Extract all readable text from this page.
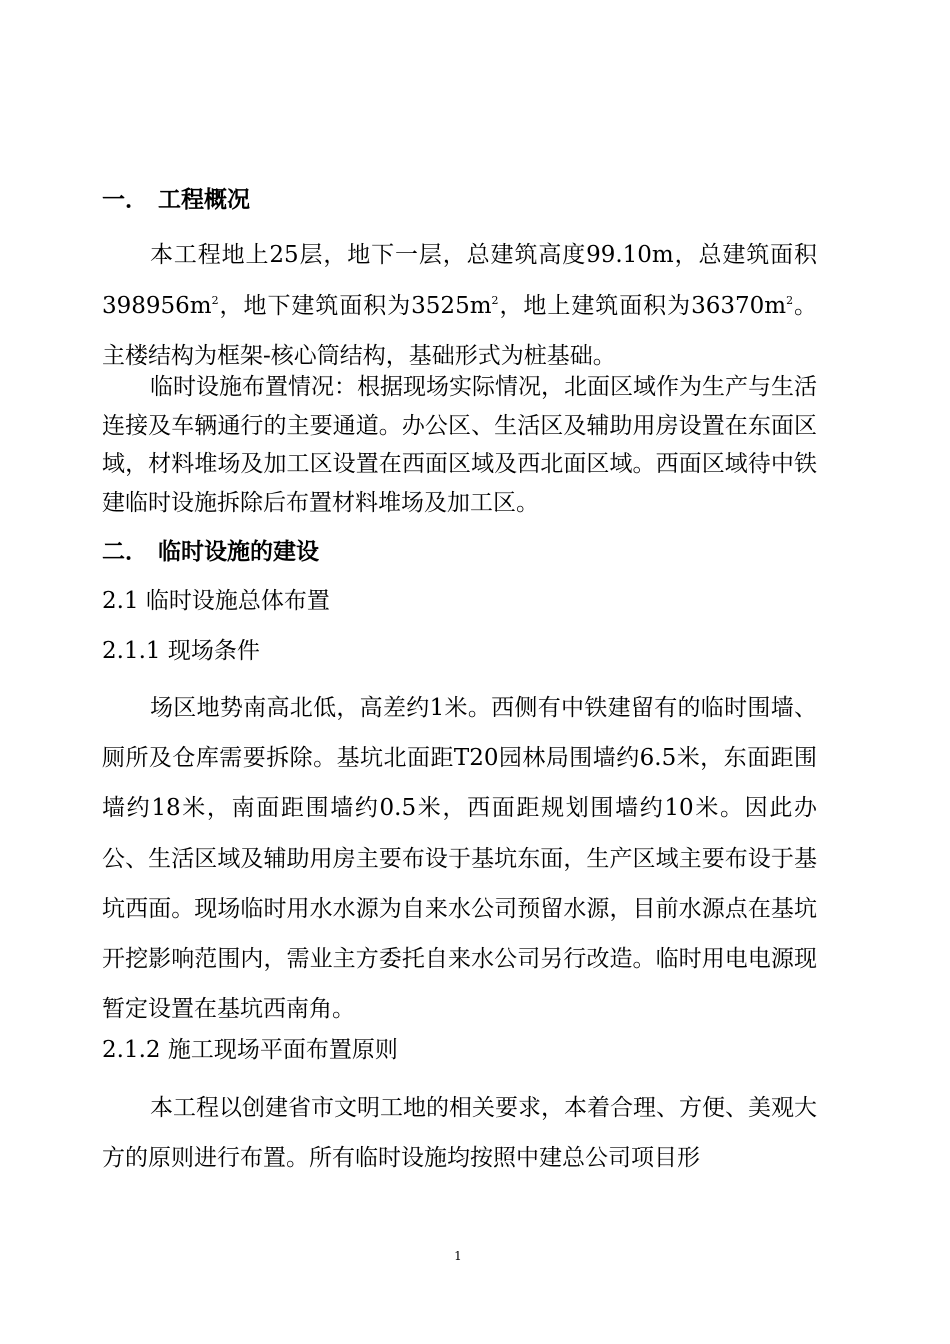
一． 工程概况
本工程地上25层，地下一层，总建筑高度99.10m，总建筑面积$398956m^2$，地下建筑面积为$3525m^2$，地上建筑面积为$36370m^2$。主楼结构为框架-核心筒结构，基础形式为桩基础。
临时设施布置情况：根据现场实际情况，北面区域作为生产与生活连接及车辆通行的主要通道。办公区、生活区及辅助用房设置在东面区域，材料堆场及加工区设置在西面区域及西北面区域。西面区域待中铁建临时设施拆除后布置材料堆场及加工区。
二． 临时设施的建设
2.1 临时设施总体布置
2.1.1 现场条件
场区地势南高北低，高差约1米。西侧有中铁建留有的临时围墙、厕所及仓库需要拆除。基坑北面距T20园林局围墙约6.5米，东面距围墙约18米，南面距围墙约0.5米，西面距规划围墙约10米。因此办公、生活区域及辅助用房主要布设于基坑东面，生产区域主要布设于基坑西面。现场临时用水水源为自来水公司预留水源，目前水源点在基坑开挖影响范围内，需业主方委托自来水公司另行改造。临时用电电源现暂定设置在基坑西南角。
2.1.2 施工现场平面布置原则
本工程以创建省市文明工地的相关要求，本着合理、方便、美观大方的原则进行布置。所有临时设施均按照中建总公司项目形
1
